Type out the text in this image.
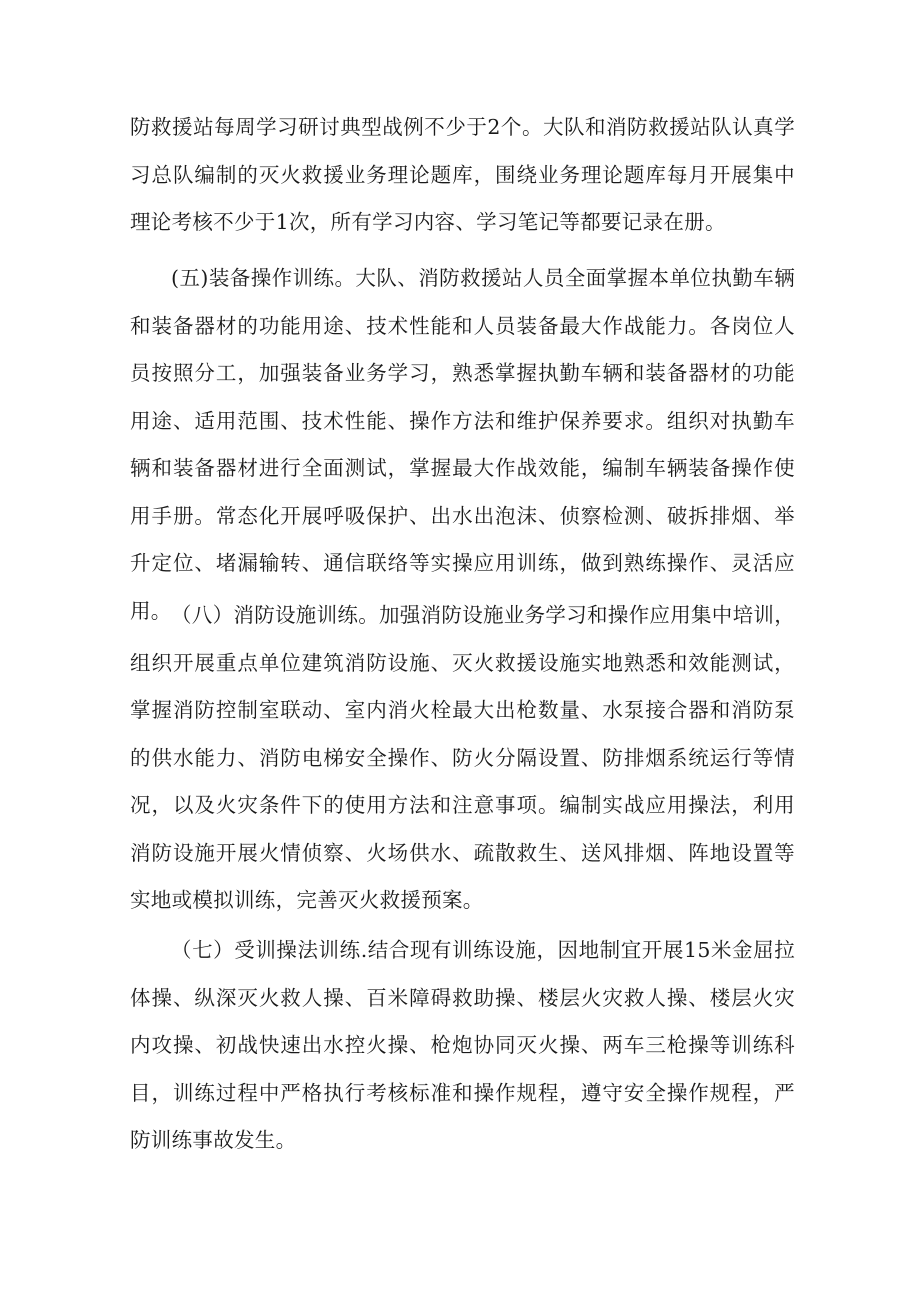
防救援站每周学习研讨典型战例不少于2个。大队和消防救援站队认真学习总队编制的灭火救援业务理论题库，围绕业务理论题库每月开展集中理论考核不少于1次，所有学习内容、学习笔记等都要记录在册。

(五)装备操作训练。大队、消防救援站人员全面掌握本单位执勤车辆和装备器材的功能用途、技术性能和人员装备最大作战能力。各岗位人员按照分工，加强装备业务学习，熟悉掌握执勤车辆和装备器材的功能用途、适用范围、技术性能、操作方法和维护保养要求。组织对执勤车辆和装备器材进行全面测试，掌握最大作战效能，编制车辆装备操作使用手册。常态化开展呼吸保护、出水出泡沫、侦察检测、破拆排烟、举升定位、堵漏输转、通信联络等实操应用训练，做到熟练操作、灵活应用。 （八）消防设施训练。加强消防设施业务学习和操作应用集中培训，组织开展重点单位建筑消防设施、灭火救援设施实地熟悉和效能测试，掌握消防控制室联动、室内消火栓最大出枪数量、水泵接合器和消防泵的供水能力、消防电梯安全操作、防火分隔设置、防排烟系统运行等情况，以及火灾条件下的使用方法和注意事项。编制实战应用操法，利用消防设施开展火情侦察、火场供水、疏散救生、送风排烟、阵地设置等实地或模拟训练，完善灭火救援预案。

（七）受训操法训练.结合现有训练设施，因地制宜开展15米金屈拉体操、纵深灭火救人操、百米障碍救助操、楼层火灾救人操、楼层火灾内攻操、初战快速出水控火操、枪炮协同灭火操、两车三枪操等训练科目，训练过程中严格执行考核标准和操作规程，遵守安全操作规程，严防训练事故发生。
